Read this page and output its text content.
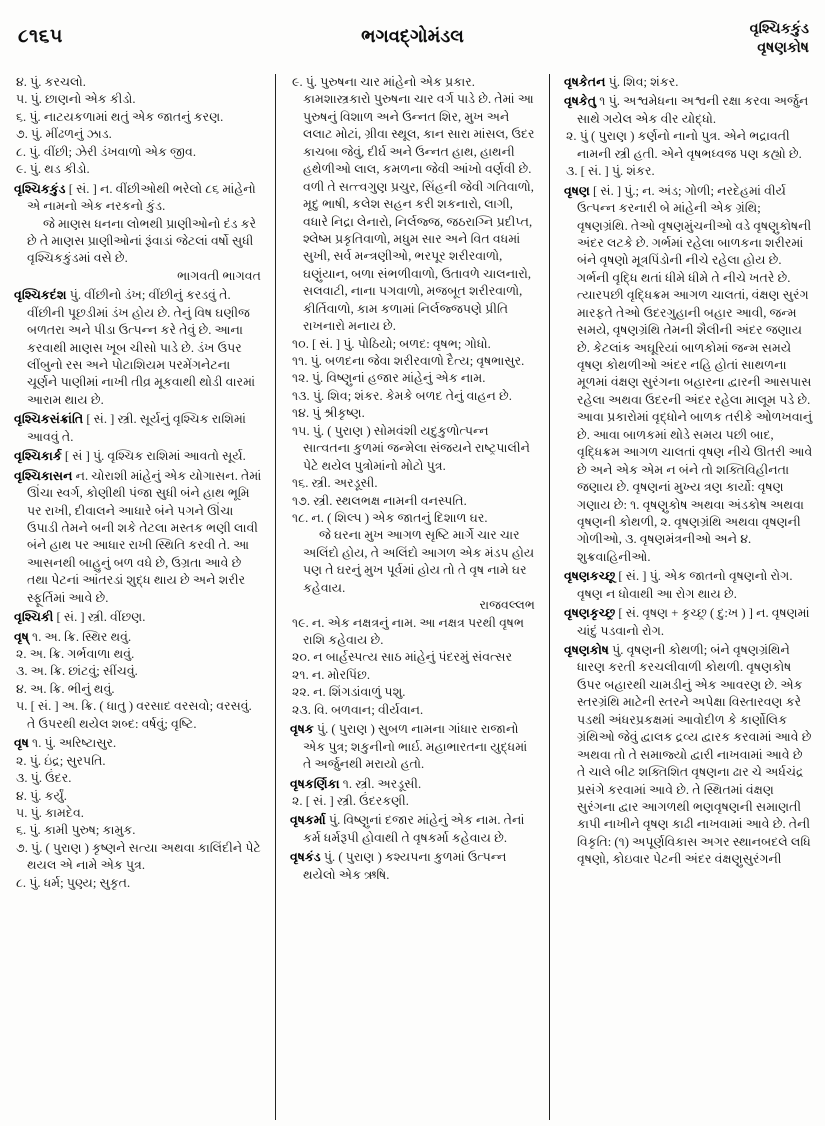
૮૧૬૫	ભગવદ્ગોમંડલ	વૃશ્ચિકકુંડ
વૃષણકોષ

૪. પું. કરચલો.

૫. પું. છાણનો એક કીડો.

૬. પું. નાટયકળામાં થતું એક જાતનું કરણ.

૭. પું. મીંઢળનું ઝાડ.

૮. પું. વીંછી; ઝેરી ડંખવાળો એક જીવ.

૯. પું. થડ કીડો.

વૃશ્ચિકકુંડ [ સં. ] ન. વીંછીઓથી ભરેલો ૮૬ માંહેનો એ નામનો એક નરકનો કુંડ.

જે માણસ ધનના લોભથી પ્રાણીઓનો દંડ કરે છે તે માણસ પ્રાણીઓનાં રૂંવાડાં જેટલાં વર્ષો સુધી વૃશ્ચિકકુંડમાં વસે છે.

ભાગવતી ભાગવત

વૃશ્ચિકદંશ પું. વીંછીનો ડંખ; વીંછીનું કરડવું તે. વીંછીની પૂછડીમાં ડંખ હોય છે. તેનું વિષ ઘણીજ બળતરા અને પીડા ઉત્પન્ન કરે તેવું છે. આના કરવાથી માણસ ખૂબ ચીસો પાડે છે. ડંખ ઉપર લીંબુનો રસ અને પોટાશિયમ પરમેંગનેટના ચૂર્ણને પાણીમાં નાખી તીવ્ર મૂકવાથી થોડી વારમાં આરામ થાય છે.

વૃશ્ચિકસંક્રાંતિ [ સં. ] સ્ત્રી. સૂર્યનું વૃશ્ચિક રાશિમાં આવવું તે.

વૃશ્ચિકાર્ક [ સં ] પું. વૃશ્ચિક રાશિમાં આવતો સૂર્ય.

વૃશ્ચિકાસન ન. ચોરાશી માંહેનું એક યોગાસન. તેમાં ઊંચા સ્વર્ગ, કોણીથી પંજા સુધી બંને હાથ ભૂમિ પર રાખી, દીવાલને આધારે બંને પગને ઊંચા ઉપાડી તેમને બની શકે તેટલા મસ્તક ભણી લાવી બંને હાથ પર આધાર રાખી સ્થિતિ કરવી તે. આ આસનથી બાહુનું બળ વધે છે, ઉગ્રતા આવે છે તથા પેટનાં આંતરડાં શુદ્ધ થાય છે અને શરીર સ્ફૂર્તિમાં આવે છે.

વૃશ્ચિકી [ સં. ] સ્ત્રી. વીંછણ.

વૃષ્ ૧. અ. ક્રિ. સ્થિર થવું.

૨. અ. ક્રિ. ગર્ભવાળા થવું.

૩. અ. ક્રિ. છાંટવું; સીંચવું.

૪. અ. ક્રિ. ભીનું થવું.

૫. [ સં. ] અ. ક્રિ. ( ધાતુ ) વરસાદ વરસવો; વરસવું. તે ઉપરથી થયેલ શબ્દ: વર્ષવું; વૃષ્ટિ.

વૃષ ૧. પું. અરિષ્ટાસુર.

૨. પું. ઇંદ્ર; સુરપતિ.

૩. પું. ઉંદર.

૪. પું. કર્યું.

૫. પું. કામદેવ.

૬. પું. કામી પુરુષ; કામુક.

૭. પું. ( પુરાણ ) કૃષ્ણને સત્યા અથવા કાલિંદીને પેટે થયલ એ નામે એક પુત્ર.

૮. પું. ધર્મ; પુણ્ય; સુકૃત.

૯. પું. પુરુષના ચાર માંહેનો એક પ્રકાર. કામશાસ્ત્રકારો પુરુષના ચાર વર્ગ પાડે છે. તેમાં આ પુરુષનું વિશાળ અને ઉન્નત શિર, મુખ અને લલાટ મોટાં, ગ્રીવા સ્થૂલ, કાન સારા માંસલ, ઉદર કાચબા જેવું, દીર્ઘ અને ઉન્નત હાથ, હાથની હથેળીઓ લાલ, કમળના જેવી આંખો વર્ણવી છે. વળી તે સત્ત્વગુણ પ્રચુર, સિંહની જેવી ગતિવાળો, મૃદુ ભાષી, કલેશ સહન કરી શકનારો, લાગી, વધારે નિદ્રા લેનારો, નિર્લજ્જ, જઠરાગ્નિ પ્રદીપ્ત, શ્લેષ્મ પ્રકૃતિવાળો, મધુમ સાર અને વિત વધમાં સુખી, સર્વ મન્ત્રણીઓ, ભરપૂર શરીરવાળો, ઘણુંયાન, બળા સંભળીવાળો, ઉતાવળે ચાલનારો, સલવાટી, નાના પગવાળો, મજબૂત શરીરવાળો, કીર્તિવાળો, કામ કળામાં નિર્લજ્જપણે પ્રીતિ રાખનારો મનાય છે.

૧૦. [ સં. ] પું. પોઠિયો; બળદ: વૃષભ; ગોધો.

૧૧. પું. બળદના જેવા શરીરવાળો દૈત્ય; વૃષભાસુર.

૧૨. પું. વિષ્ણુનાં હજાર માંહેનું એક નામ.

૧૩. પું. શિવ; શંકર. કેમકે બળદ તેનું વાહન છે.

૧૪. પું શ્રીકૃષ્ણ.

૧૫. પું. ( પુરાણ ) સોમવંશી યદુકુળોત્પન્ન સાત્વતના કુળમાં જન્મેલા સંજયને રાષ્ટ્રપાલીને પેટે થયેલ પુત્રોમાંનો મોટો પુત્ર.

૧૬. સ્ત્રી. અરડૂસી.

૧૭. સ્ત્રી. સ્થલભક્ષ નામની વનસ્પતિ.

૧૮. ન. ( શિલ્પ ) એક જાતનું દિશાળ ઘર.

જે ઘરના મુખ આગળ સૃષ્ટિ માર્ગે ચાર ચાર અલિંદો હોય, તે અલિંદો આગળ એક મંડપ હોય પણ તે ઘરનું મુખ પૂર્વમાં હોય તો તે વૃષ નામે ઘર કહેવાય.

રાજવલ્લભ

૧૯. ન. એક નક્ષત્રનું નામ. આ નક્ષત્ર પરથી વૃષભ રાશિ કહેવાય છે.

૨૦. ન બાર્હસ્પત્ય સાઠ માંહેનું પંદરમું સંવત્સર

૨૧. ન. મોરપિંછ.

૨૨. ન. શિંગડાંવાળું પશુ.

૨૩. વિ. બળવાન; વીર્યવાન.

વૃષક પું. ( પુરાણ ) સુબળ નામના ગાંધાર રાજાનો એક પુત્ર; શકુનીનો ભાર્ઇ. મહાભારતના યુદ્ધમાં તે અર્જુનથી મરાયો હતો.

વૃષકર્ણિકા ૧. સ્ત્રી. અરડૂસી.

૨. [ સં. ] સ્ત્રી. ઉંદરકણી.

વૃષકર્મા પું. વિષ્ણુનાં દજાર માંહેનું એક નામ. તેનાં કર્મ ધર્મરૂપી હોવાથી તે વૃષકર્મા કહેવાય છે.

વૃષકંડ પું. ( પુરાણ ) કશ્યપના કુળમાં ઉત્પન્ન થયેલો એક ઋષિ.

વૃષકેતન પું. શિવ; શંકર.

વૃષકેતુ ૧ પું. અશ્વમેધના અશ્વની રક્ષા કરવા અર્જુન સાથે ગયેલ એક વીર યોદ્ધો.

૨. પું ( પુરાણ ) કર્ણનો નાનો પુત્ર. એને ભદ્રાવતી નામની સ્ત્રી હતી. એને વૃષભધ્વજ પણ કહ્યો છે.

૩. [ સં. ] પું. શંકર.

વૃષણ [ સં. ] પું.; ન. અંડ; ગોળી; નરદેહમાં વીર્ય ઉત્પન્ન કરનારી બે માંહેની એક ગ્રંથિ; વૃષણગ્રંથિ. તેઓ વૃષણમુંચનીઓ વડે વૃષણુકોષની અંદર લટકે છે. ગર્ભમાં રહેલા બાળકના શરીરમાં બંને વૃષણો મૂત્રપિંડોની નીચે રહેલા હોય છે. ગર્ભની વૃદ્ધિ થતાં ધીમે ધીમે તે નીચે ખતરે છે. ત્યારપછી વૃદ્ધિક્રમ આગળ ચાલતાં, વંક્ષણ સુરંગ મારફતે તેઓ ઉદરગુહાની બહાર આવી, જન્મ સમયે, વૃષણગ્રંથિ તેમની શૈલીની અંદર જણાય છે. કેટલાંક અઘૂરિયાં બાળકોમાં જન્મ સમયે વૃષણ કોથળીઓ અંદર નહિ હોતાં સાથળના મૂળમાં વંક્ષણ સુરંગના બહારના દ્વારની આસપાસ રહેલા અથવા ઉદરની અંદર રહેલા માલૂમ પડે છે. આવા પ્રકારોમાં વૃદ્ધોને બાળક તરીકે ઓળખવાનું છે. આવા બાળકમાં થોડે સમય પછી બાદ, વૃદ્ધિક્રમ આગળ ચાલતાં વૃષણ નીચે ઊતરી આવે છે અને એક એમ ન બંને તો શક્તિવિહીનતા જણાય છે. વૃષણનાં મુખ્ય ત્રણ કાર્યો: વૃષણ ગણાય છે: ૧. વૃષણુકોષ અથવા અંડકોષ અથવા વૃષણની કોથળી, ૨. વૃષણગ્રંથિ અથવા વૃષણની ગોળીઓ, ૩. વૃષણમંત્રનીઓ અને ૪. શુક્રવાહિનીઓ.

વૃષણકચ્છૂ [ સં. ] પું. એક જાતનો વૃષણનો રોગ. વૃષણ ન ધોવાથી આ રોગ થાય છે.

વૃષણકૃચ્છ્ર [ સં. વૃષણ + કૃચ્છ્ર ( દુ:ખ ) ] ન. વૃષણમાં ચાંદું પડવાનો રોગ.

વૃષણકોષ પું. વૃષણની કોથળી; બંને વૃષણગ્રંથિને ધારણ કરતી કરચલીવાળી કોથળી. વૃષણકોષ ઉપર બહારથી ચામડીનું એક આવરણ છે. એક સ્તરગ્રંથિ માટેની સ્તરને અપેક્ષા વિસ્તારવણ કરે પડથી અંધરપ્રકક્ષમાં આવોદીળ કે કાર્ણોલિક ગ્રંથિઓ જેવું દ્વાલક દ્રવ્ય દ્વારક કરવામાં આવે છે અથવા તો તે સમાજ્યો દ્વારી નાખવામાં આવે છે તે ચાલે બીટ શક્તિશિત વૃષણના ઢાર ચે અર્ધચંદ્ર પ્રસંગે કરવામાં આવે છે. તે સ્થિતમાં વંક્ષણ સુરંગના દ્વાર આગળથી ભણવૃષણની સમાણતી કાપી નાખીને વૃષણ કાઢી નાખવામાં આવે છે. તેની વિકૃતિ: (૧) અપૂર્ણવિકાસ અગર સ્થાનબદલે લધિ વૃષણો, કોઇવાર પેટની અંદર વંક્ષણુસુરંગની
